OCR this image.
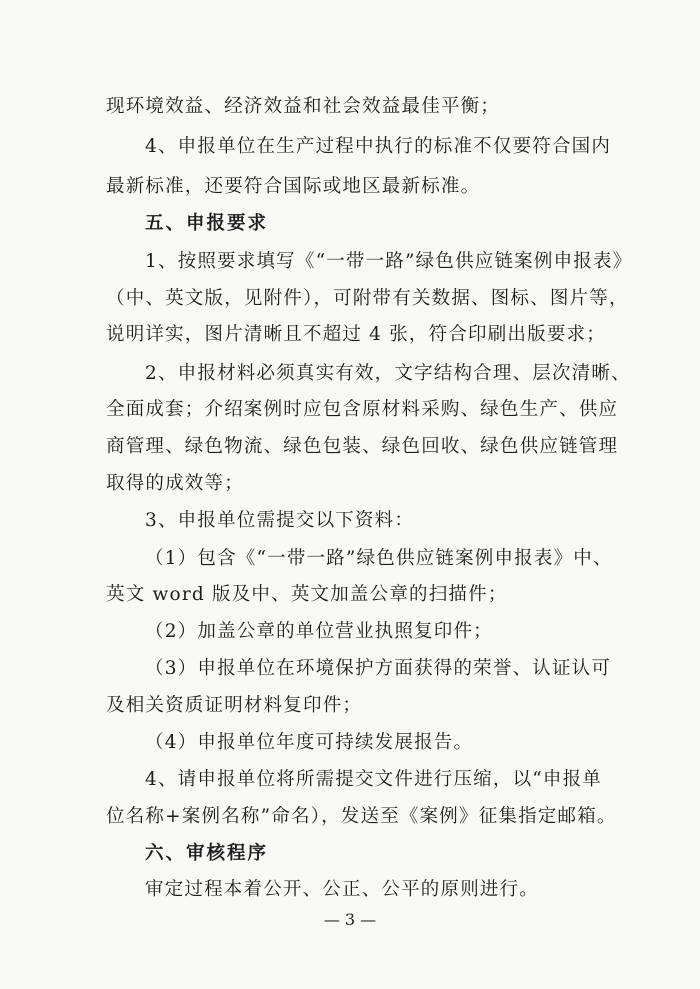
现环境效益、经济效益和社会效益最佳平衡；
4、申报单位在生产过程中执行的标准不仅要符合国内
最新标准，还要符合国际或地区最新标准。
五、申报要求
1、按照要求填写《“一带一路”绿色供应链案例申报表》
（中、英文版，见附件），可附带有关数据、图标、图片等，
说明详实，图片清晰且不超过 4 张，符合印刷出版要求；
2、申报材料必须真实有效，文字结构合理、层次清晰、
全面成套；介绍案例时应包含原材料采购、绿色生产、供应
商管理、绿色物流、绿色包装、绿色回收、绿色供应链管理
取得的成效等；
3、申报单位需提交以下资料：
（1）包含《“一带一路”绿色供应链案例申报表》中、
英文 word 版及中、英文加盖公章的扫描件；
（2）加盖公章的单位营业执照复印件；
（3）申报单位在环境保护方面获得的荣誉、认证认可
及相关资质证明材料复印件；
（4）申报单位年度可持续发展报告。
4、请申报单位将所需提交文件进行压缩，以“申报单
位名称+案例名称”命名），发送至《案例》征集指定邮箱。
六、审核程序
审定过程本着公开、公正、公平的原则进行。
— 3 —
